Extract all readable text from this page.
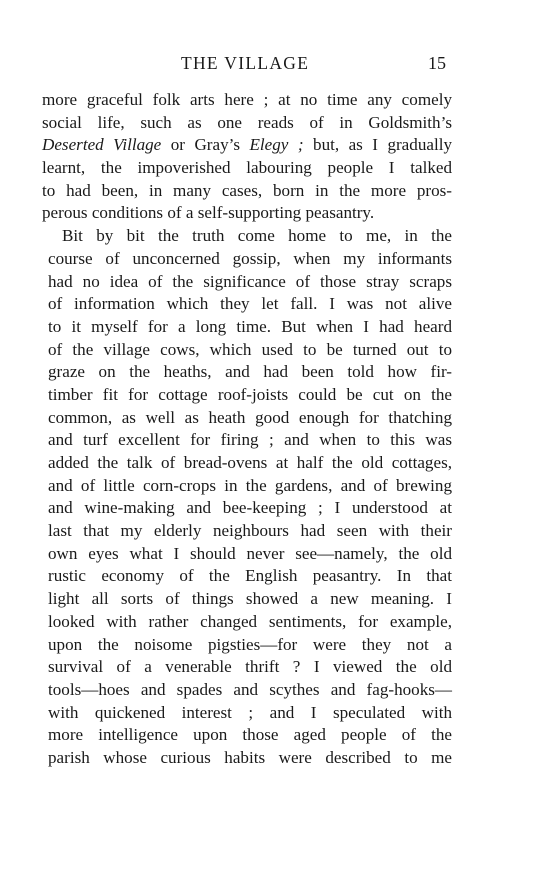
THE VILLAGE	15
more graceful folk arts here ; at no time any comely
social life, such as one reads of in Goldsmith’s
Deserted Village or Gray’s Elegy ; but, as I gradually
learnt, the impoverished labouring people I talked
to had been, in many cases, born in the more pros-
perous conditions of a self-supporting peasantry.
Bit by bit the truth come home to me, in the
course of unconcerned gossip, when my informants
had no idea of the significance of those stray scraps
of information which they let fall. I was not alive
to it myself for a long time. But when I had heard
of the village cows, which used to be turned out to
graze on the heaths, and had been told how fir-
timber fit for cottage roof-joists could be cut on the
common, as well as heath good enough for thatching
and turf excellent for firing ; and when to this was
added the talk of bread-ovens at half the old cottages,
and of little corn-crops in the gardens, and of brewing
and wine-making and bee-keeping ; I understood at
last that my elderly neighbours had seen with their
own eyes what I should never see—namely, the old
rustic economy of the English peasantry. In that
light all sorts of things showed a new meaning. I
looked with rather changed sentiments, for example,
upon the noisome pigsties—for were they not a
survival of a venerable thrift ? I viewed the old
tools—hoes and spades and scythes and fag-hooks—
with quickened interest ; and I speculated with
more intelligence upon those aged people of the
parish whose curious habits were described to me
